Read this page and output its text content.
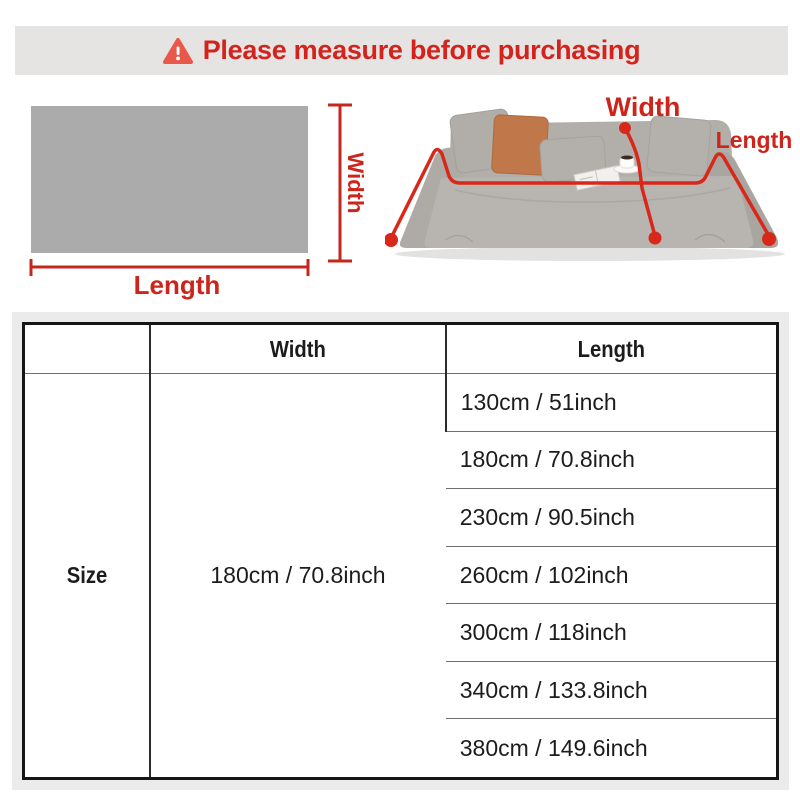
Please measure before purchasing
Width
Length
Width
Length
	Width	Length
Size	180cm / 70.8inch	130cm / 51inch
		180cm / 70.8inch
		230cm / 90.5inch
		260cm / 102inch
		300cm / 118inch
		340cm / 133.8inch
		380cm / 149.6inch
